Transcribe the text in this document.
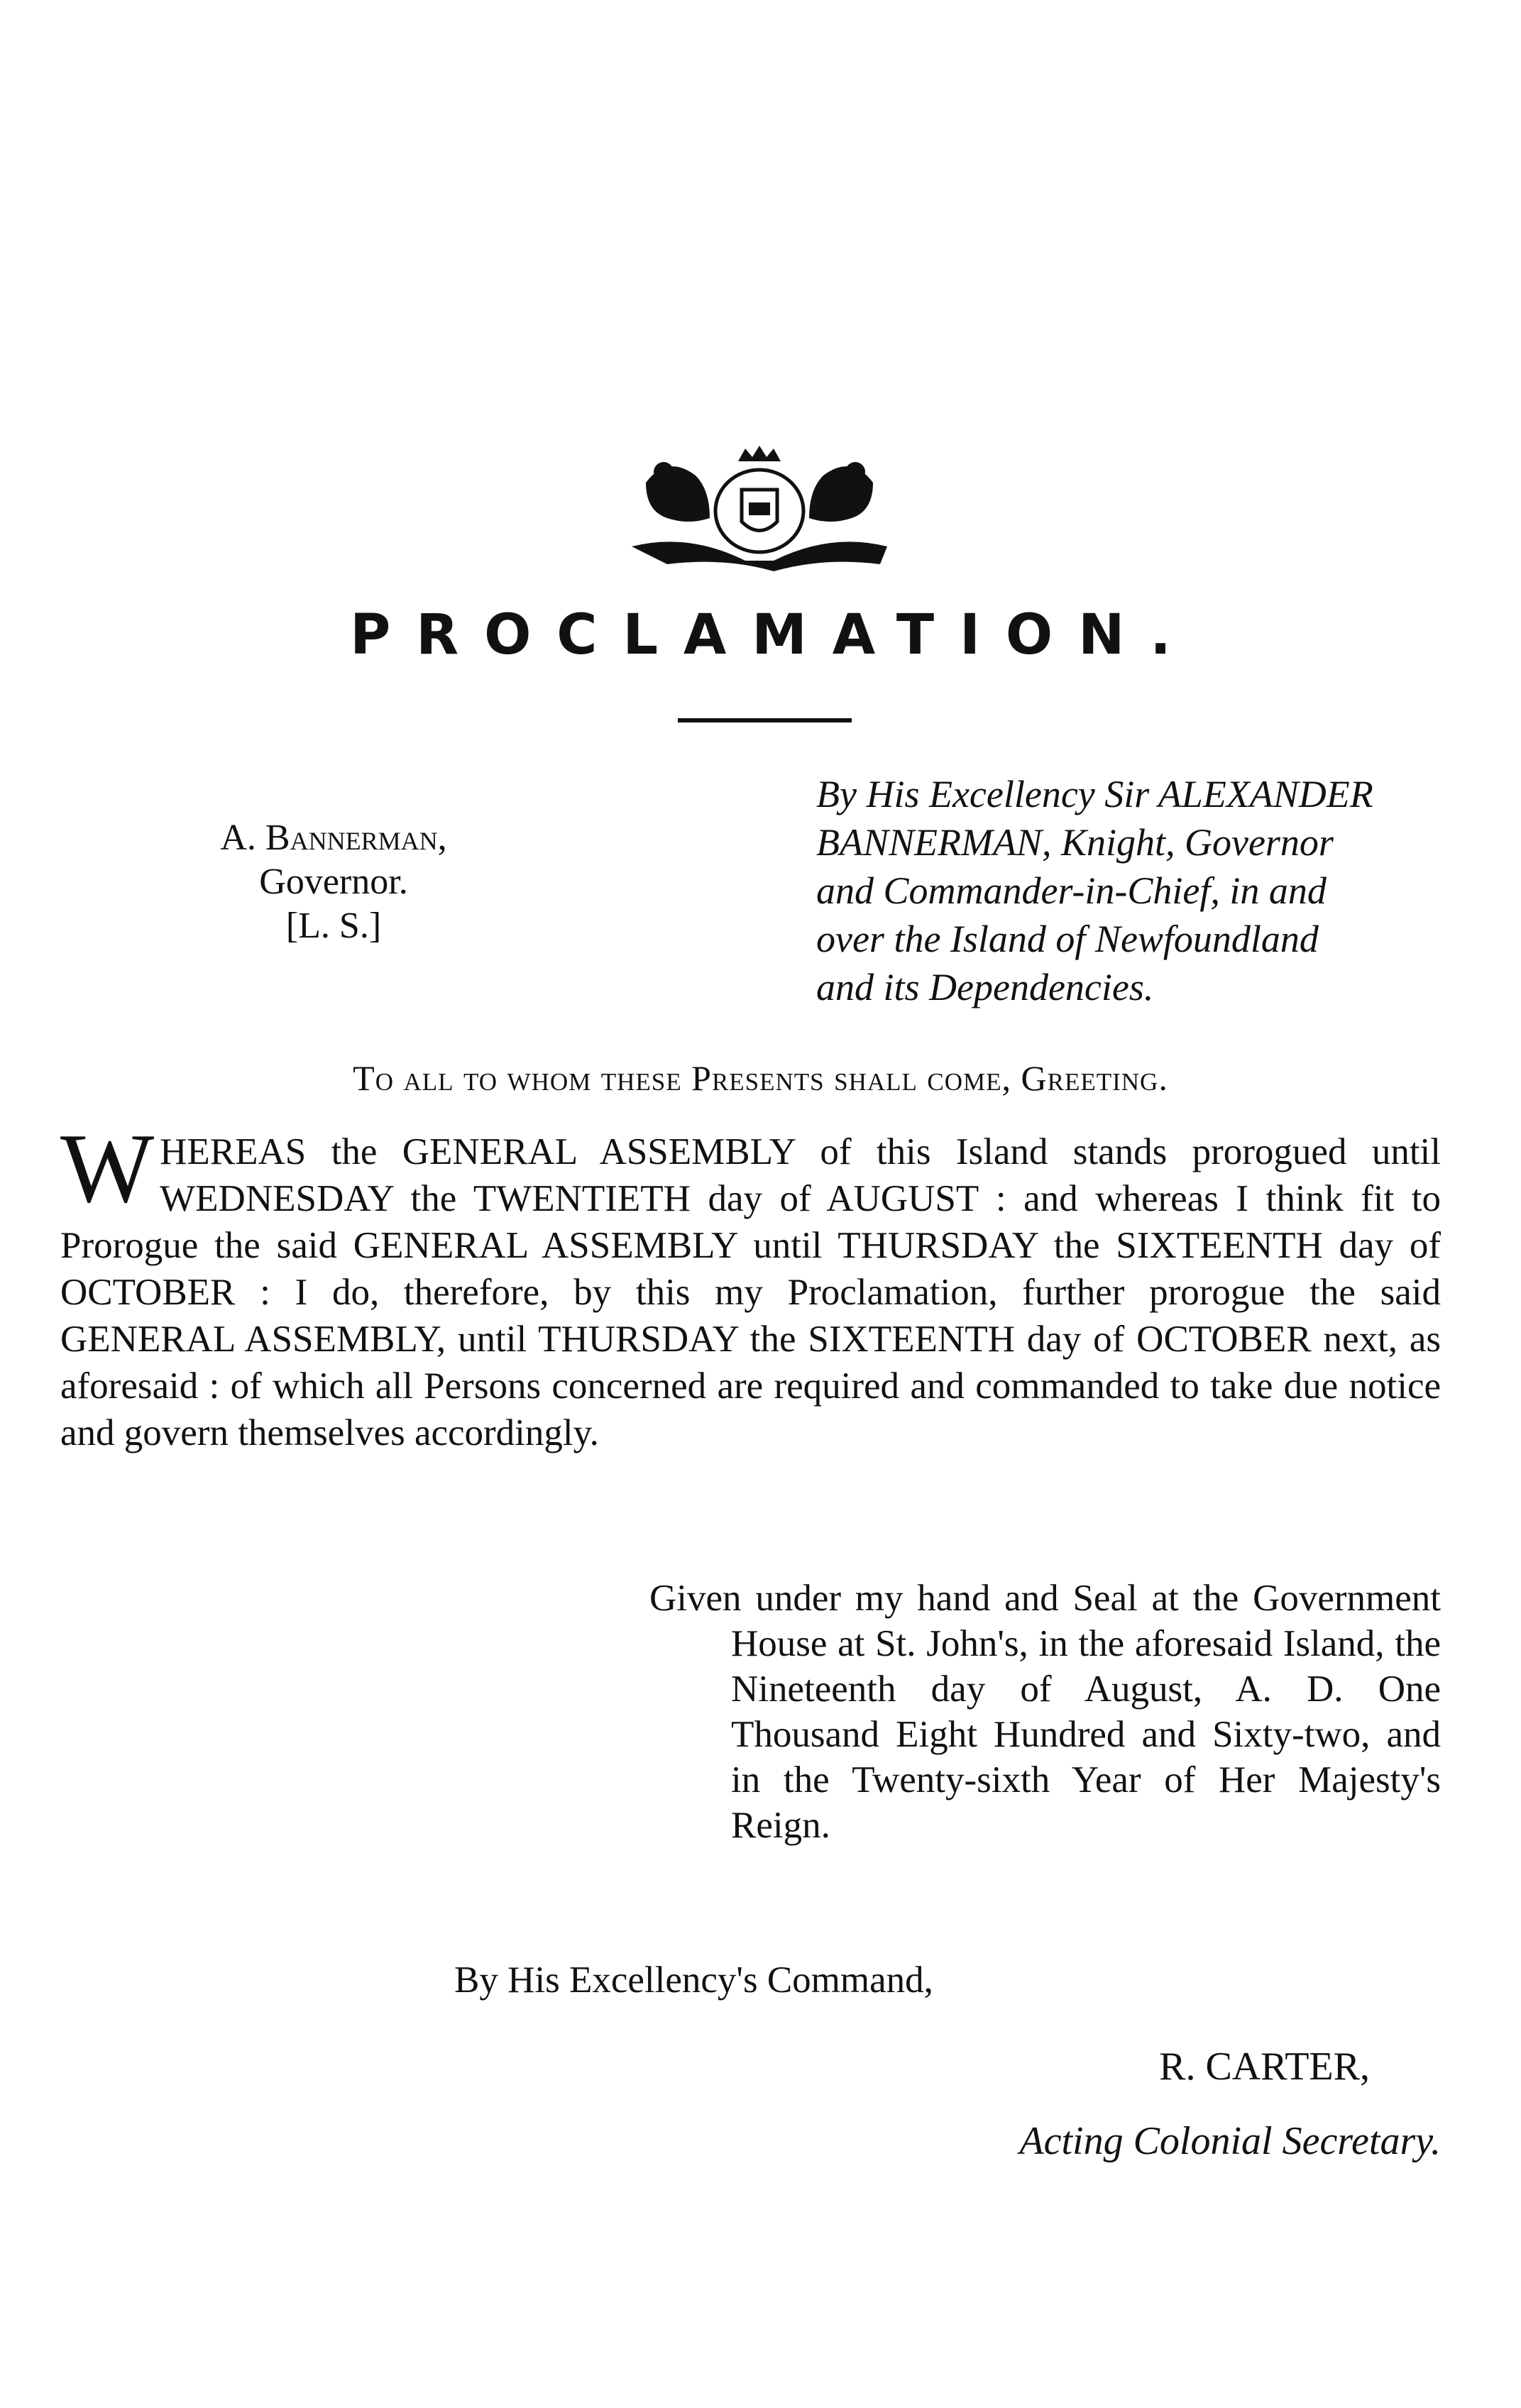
PROCLAMATION.
A. Bannerman,
Governor.
[L. S.]
By His Excellency Sir ALEXANDER
BANNERMAN, Knight, Governor
and Commander-in-Chief, in and
over the Island of Newfoundland
and its Dependencies.
To all to whom these Presents shall come, Greeting.
W HEREAS the GENERAL ASSEMBLY of this Island stands prorogued until WEDNESDAY the TWENTIETH day of AUGUST : and whereas I think fit to Prorogue the said GENERAL ASSEMBLY until THURSDAY the SIXTEENTH day of OCTOBER : I do, therefore, by this my Proclamation, further prorogue the said GENERAL ASSEMBLY, until THURSDAY the SIXTEENTH day of OCTOBER next, as aforesaid : of which all Persons concerned are required and commanded to take due notice and govern themselves accordingly.
Given under my hand and Seal at the Government House at St. John's, in the aforesaid Island, the Nineteenth day of August, A. D. One Thousand Eight Hundred and Sixty-two, and in the Twenty-sixth Year of Her Majesty's Reign.
By His Excellency's Command,
R. CARTER,
Acting Colonial Secretary.
